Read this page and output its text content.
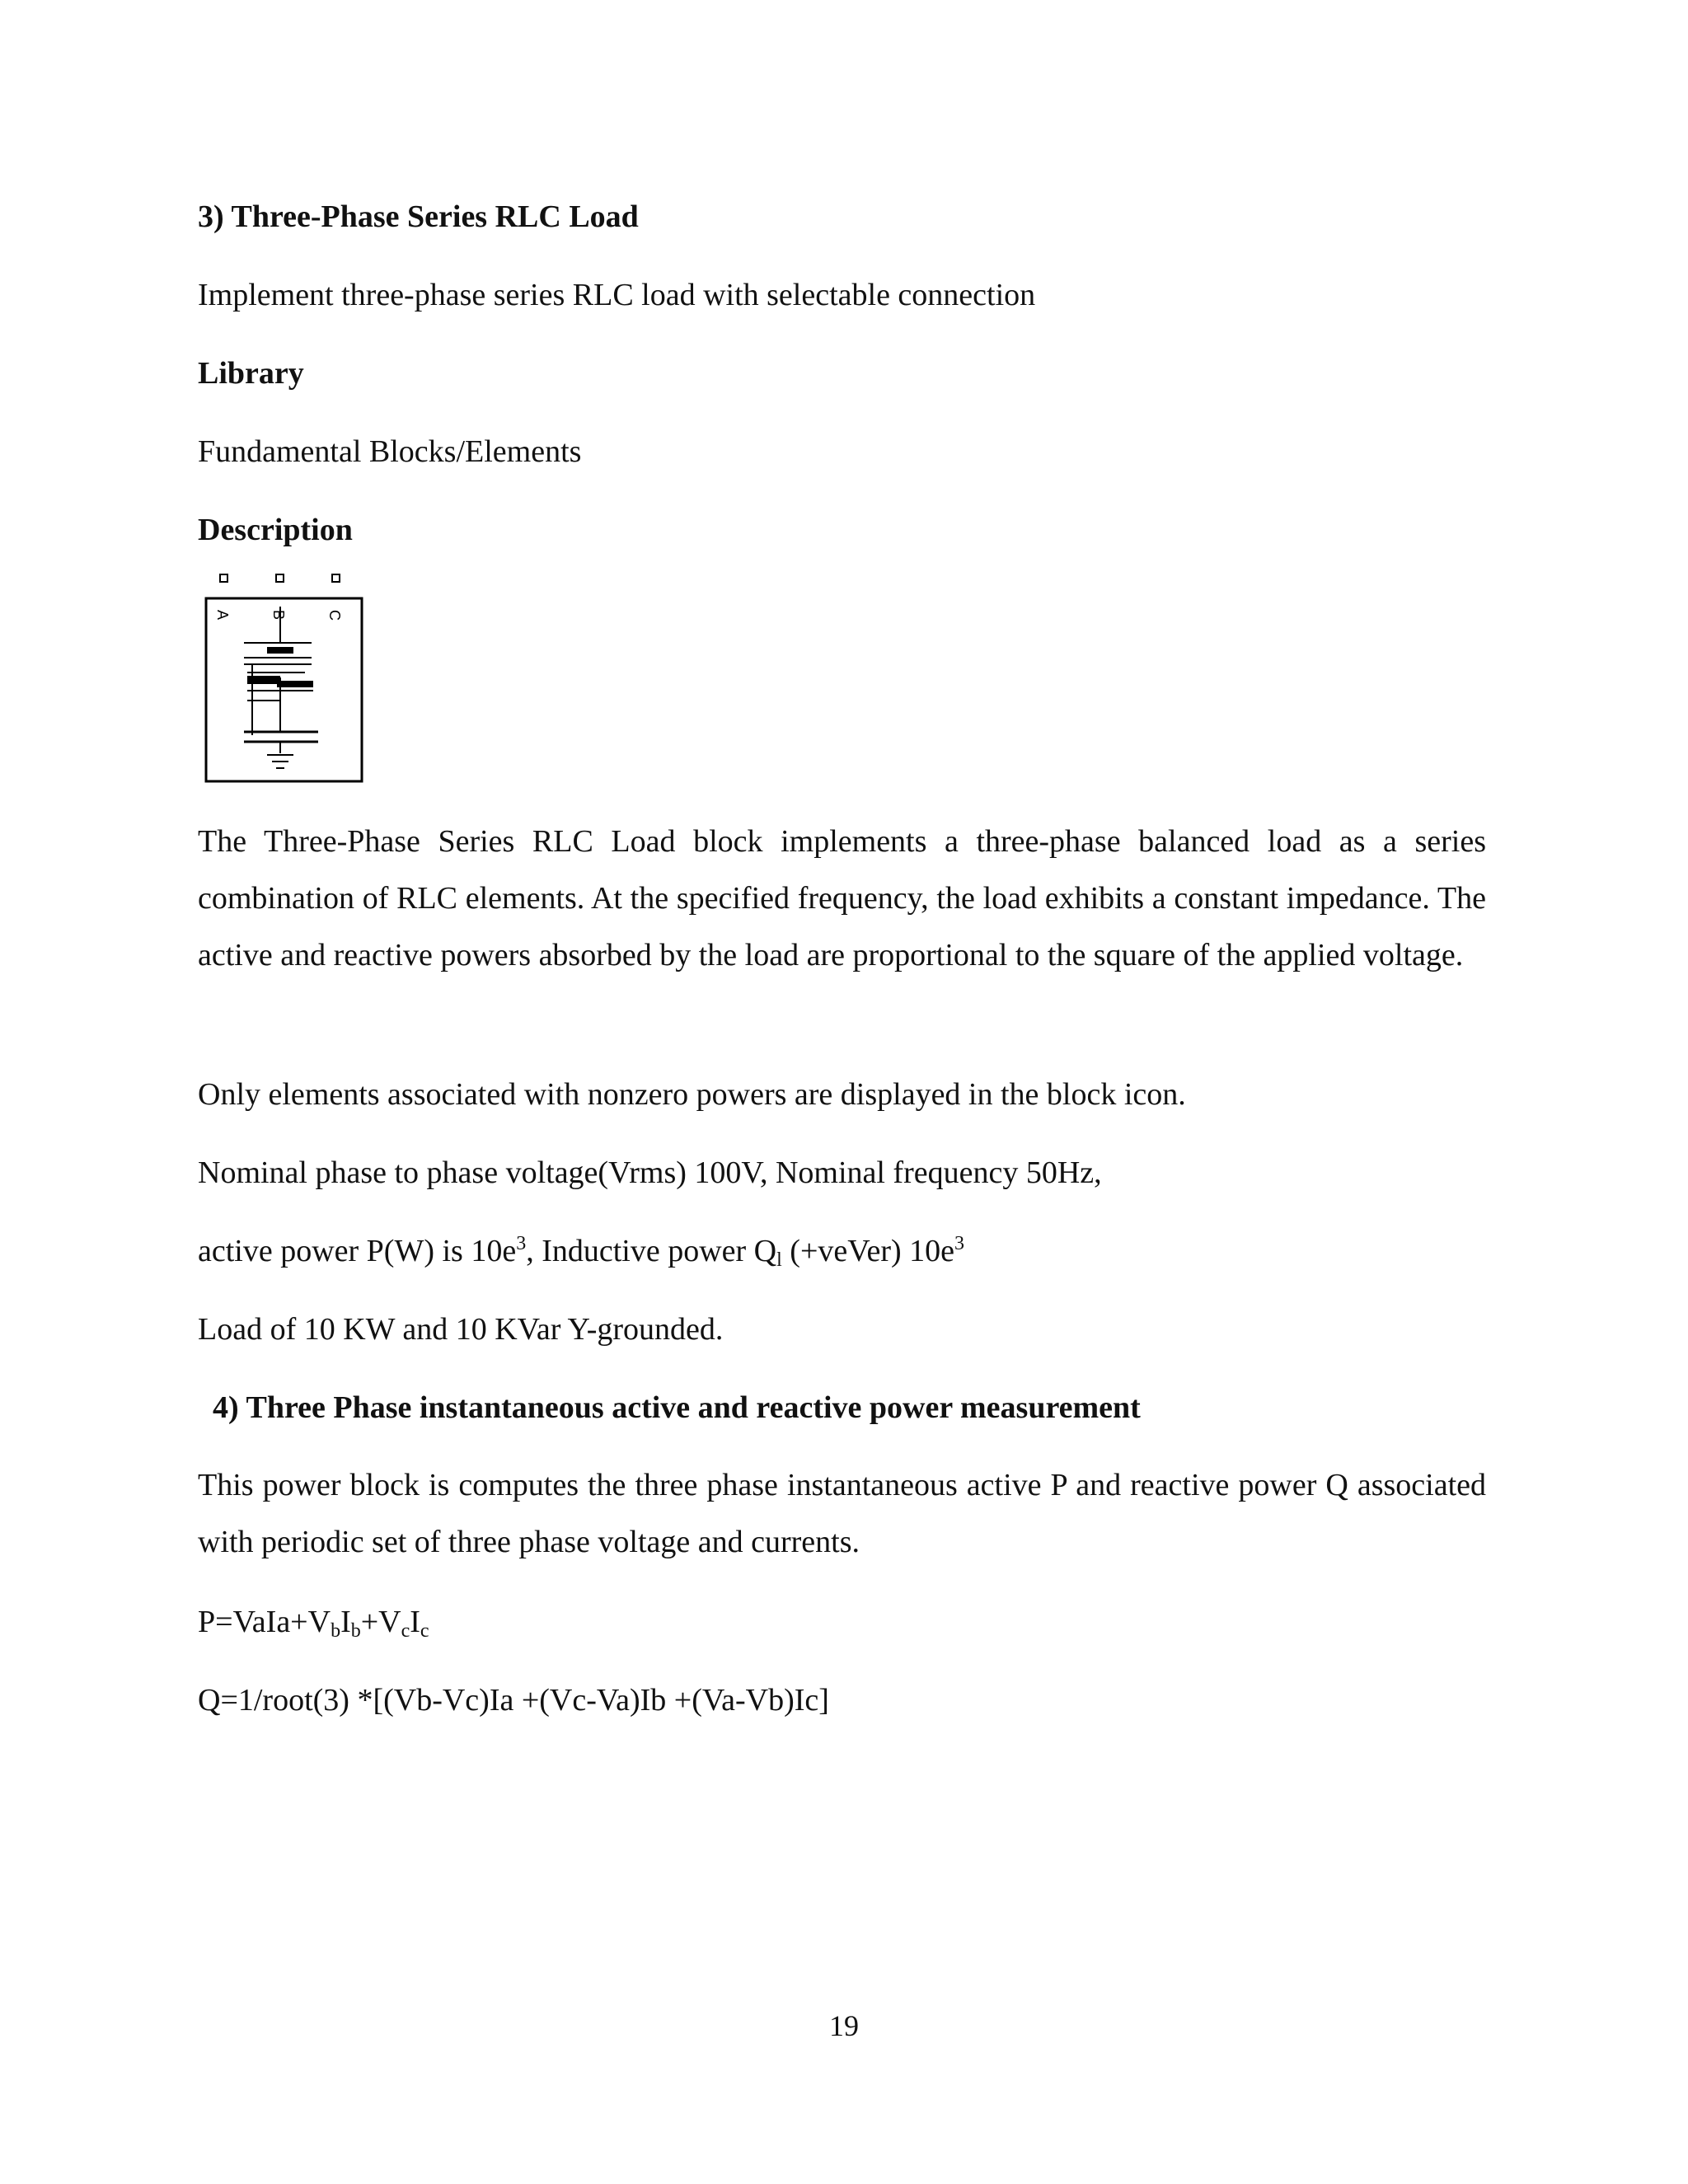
3) Three-Phase Series RLC Load
Implement three-phase series RLC load with selectable connection
Library
Fundamental Blocks/Elements
Description
A	B	C
The Three-Phase Series RLC Load block implements a three-phase balanced load as a series combination of RLC elements. At the specified frequency, the load exhibits a constant impedance. The active and reactive powers absorbed by the load are proportional to the square of the applied voltage.
Only elements associated with nonzero powers are displayed in the block icon.
Nominal phase to phase voltage(Vrms) 100V, Nominal frequency 50Hz,
active power P(W) is $10e^3$, Inductive power $Q_l$ (+veVer) $10e^3$
Load of 10 KW and 10 KVar Y-grounded.
4) Three Phase instantaneous active and reactive power measurement
This power block is computes the three phase instantaneous active P and reactive power Q associated with periodic set of three phase voltage and currents.
$P=VaIa+V_bI_b+V_cI_c$
Q=1/root(3) *[(Vb-Vc)Ia +(Vc-Va)Ib +(Va-Vb)Ic]
19
